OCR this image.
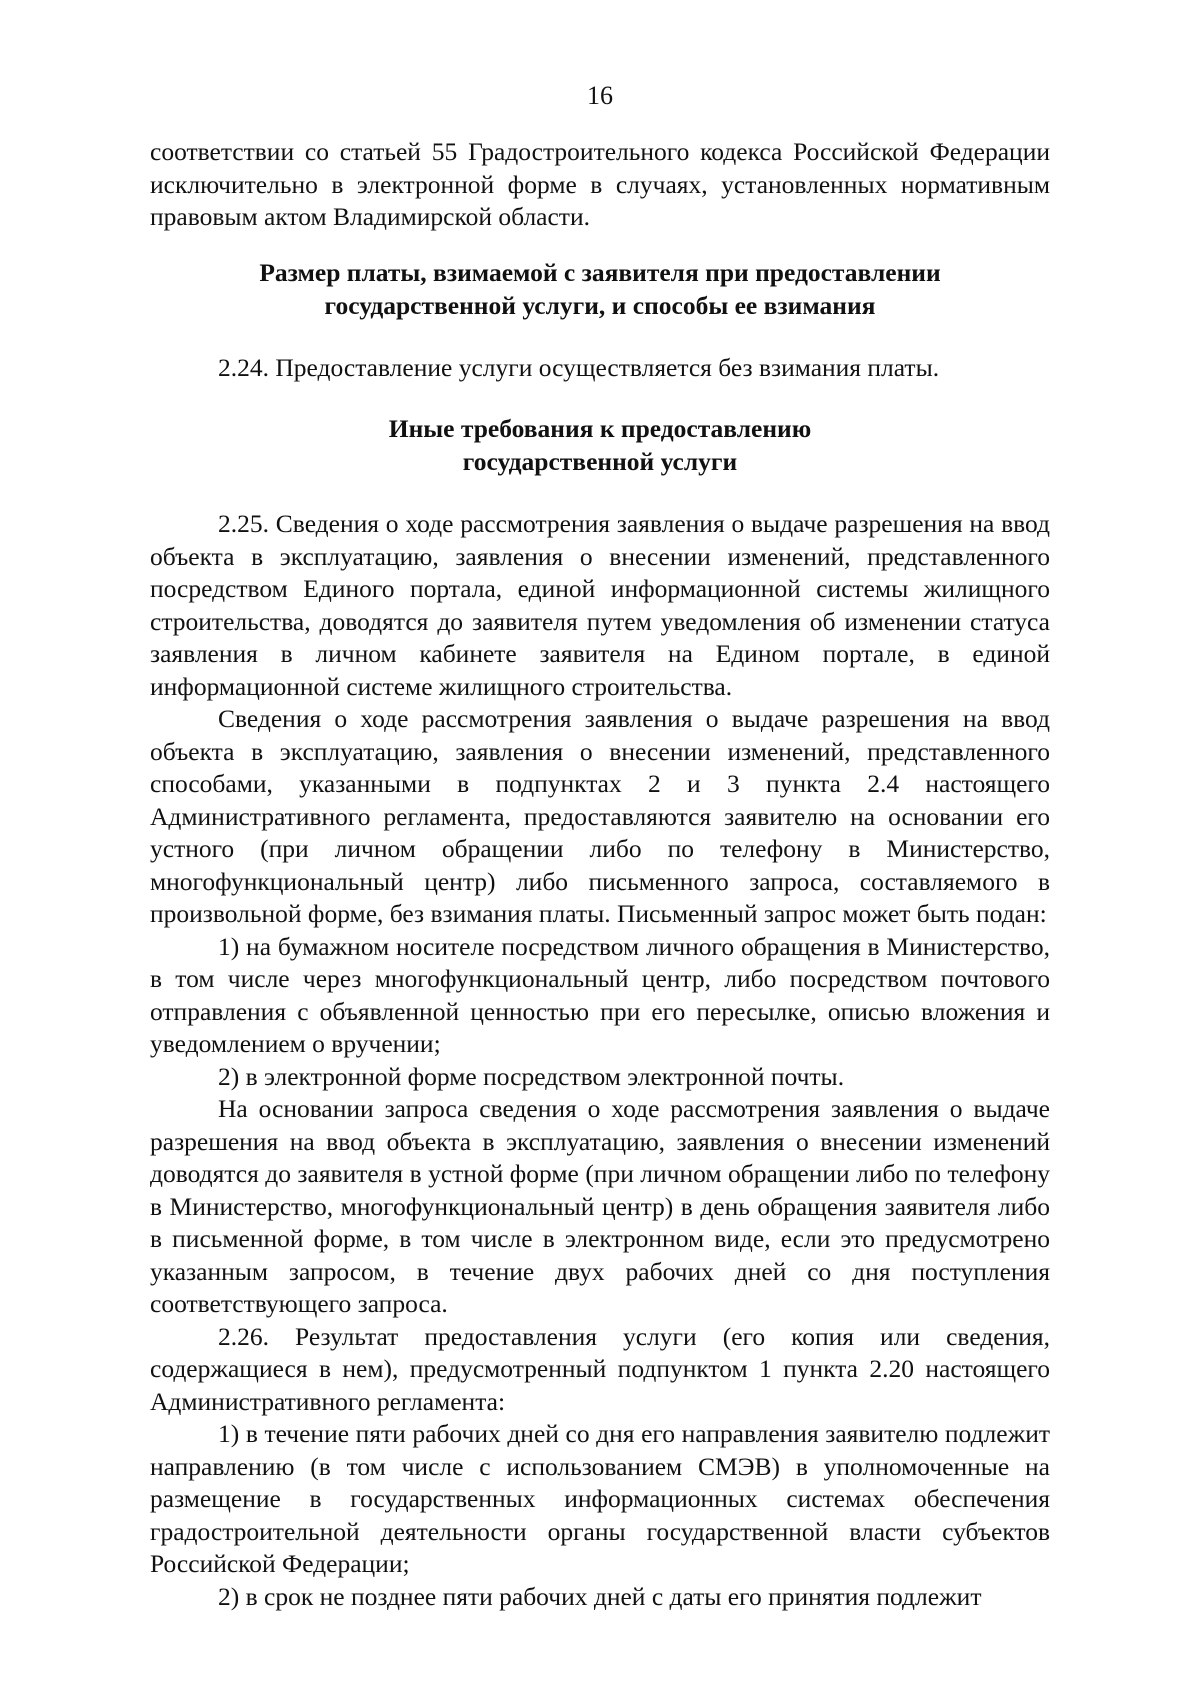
16

соответствии со статьей 55 Градостроительного кодекса Российской Федерации исключительно в электронной форме в случаях, установленных нормативным правовым актом Владимирской области.

Размер платы, взимаемой с заявителя при предоставлении
государственной услуги, и способы ее взимания

2.24. Предоставление услуги осуществляется без взимания платы.

Иные требования к предоставлению
государственной услуги

2.25. Сведения о ходе рассмотрения заявления о выдаче разрешения на ввод объекта в эксплуатацию, заявления о внесении изменений, представленного посредством Единого портала, единой информационной системы жилищного строительства, доводятся до заявителя путем уведомления об изменении статуса заявления в личном кабинете заявителя на Едином портале, в единой информационной системе жилищного строительства.

Сведения о ходе рассмотрения заявления о выдаче разрешения на ввод объекта в эксплуатацию, заявления о внесении изменений, представленного способами, указанными в подпунктах 2 и 3 пункта 2.4 настоящего Административного регламента, предоставляются заявителю на основании его устного (при личном обращении либо по телефону в Министерство, многофункциональный центр) либо письменного запроса, составляемого в произвольной форме, без взимания платы. Письменный запрос может быть подан:

1) на бумажном носителе посредством личного обращения в Министерство, в том числе через многофункциональный центр, либо посредством почтового отправления с объявленной ценностью при его пересылке, описью вложения и уведомлением о вручении;

2) в электронной форме посредством электронной почты.

На основании запроса сведения о ходе рассмотрения заявления о выдаче разрешения на ввод объекта в эксплуатацию, заявления о внесении изменений доводятся до заявителя в устной форме (при личном обращении либо по телефону в Министерство, многофункциональный центр) в день обращения заявителя либо в письменной форме, в том числе в электронном виде, если это предусмотрено указанным запросом, в течение двух рабочих дней со дня поступления соответствующего запроса.

2.26. Результат предоставления услуги (его копия или сведения, содержащиеся в нем), предусмотренный подпунктом 1 пункта 2.20 настоящего Административного регламента:

1) в течение пяти рабочих дней со дня его направления заявителю подлежит направлению (в том числе с использованием СМЭВ) в уполномоченные на размещение в государственных информационных системах обеспечения градостроительной деятельности органы государственной власти субъектов Российской Федерации;

2) в срок не позднее пяти рабочих дней с даты его принятия подлежит
